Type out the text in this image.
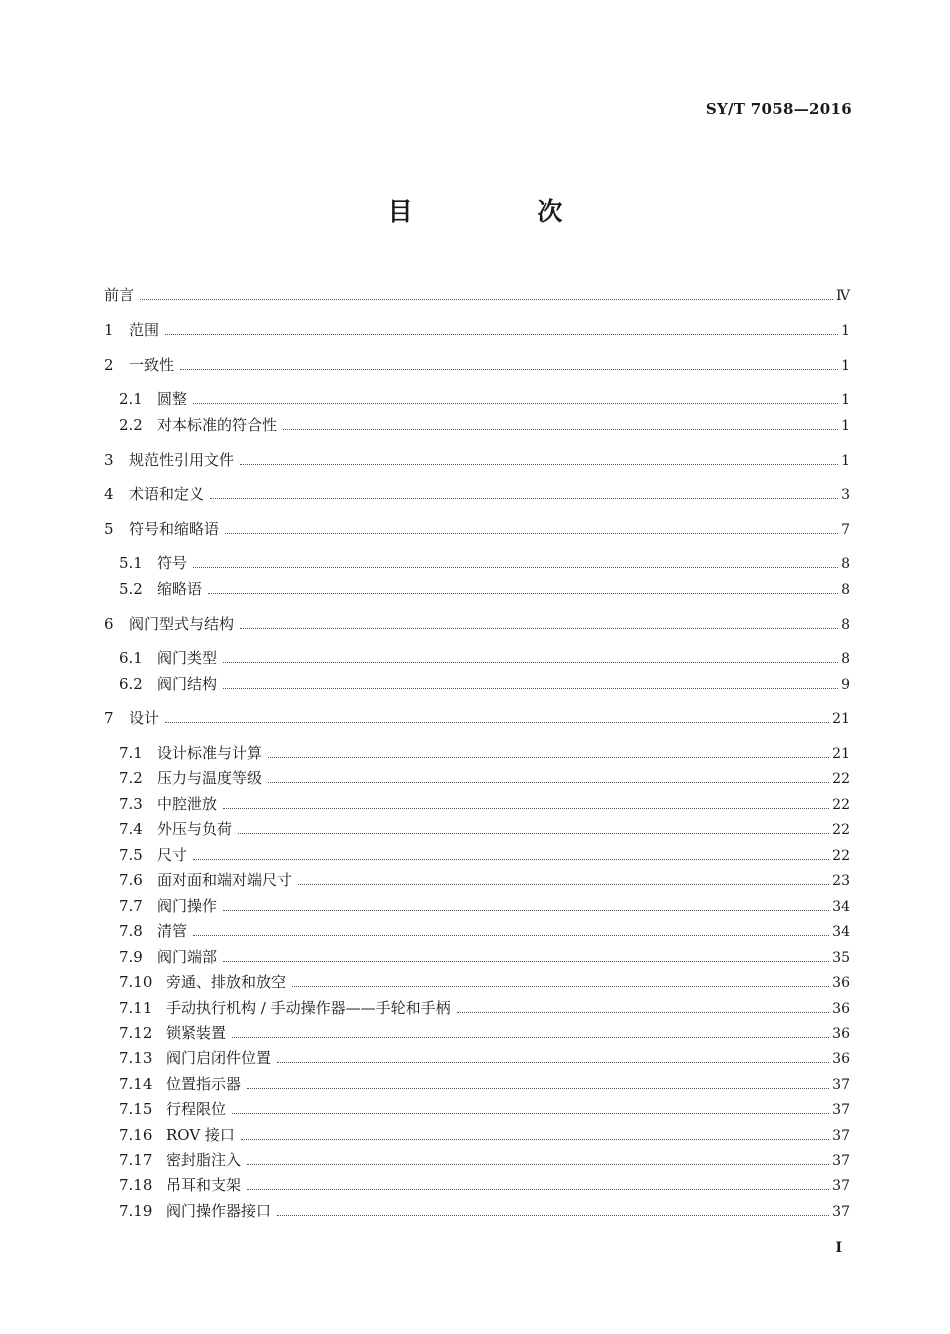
SY/T 7058—2016
目 次
前言	Ⅳ
1	范围	1
2	一致性	1
2.1 圆整	1
2.2 对本标准的符合性	1
3	规范性引用文件	1
4	术语和定义	3
5	符号和缩略语	7
5.1 符号	8
5.2 缩略语	8
6	阀门型式与结构	8
6.1 阀门类型	8
6.2 阀门结构	9
7	设计	21
7.1 设计标准与计算	21
7.2 压力与温度等级	22
7.3 中腔泄放	22
7.4 外压与负荷	22
7.5 尺寸	22
7.6 面对面和端对端尺寸	23
7.7 阀门操作	34
7.8 清管	34
7.9 阀门端部	35
7.10 旁通、排放和放空	36
7.11 手动执行机构 / 手动操作器——手轮和手柄	36
7.12 锁紧装置	36
7.13 阀门启闭件位置	36
7.14 位置指示器	37
7.15 行程限位	37
7.16 ROV 接口	37
7.17 密封脂注入	37
7.18 吊耳和支架	37
7.19 阀门操作器接口	37
I
